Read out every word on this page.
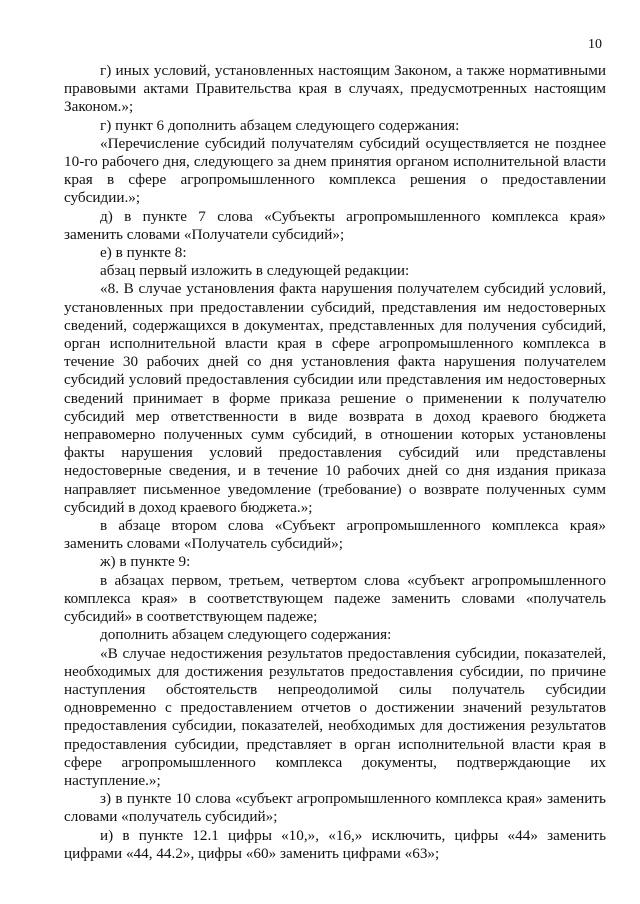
10

г) иных условий, установленных настоящим Законом, а также нормативными правовыми актами Правительства края в случаях, предусмотренных настоящим Законом.»;

г) пункт 6 дополнить абзацем следующего содержания:

«Перечисление субсидий получателям субсидий осуществляется не позднее 10-го рабочего дня, следующего за днем принятия органом исполнительной власти края в сфере агропромышленного комплекса решения о предоставлении субсидии.»;

д) в пункте 7 слова «Субъекты агропромышленного комплекса края» заменить словами «Получатели субсидий»;

е) в пункте 8:

абзац первый изложить в следующей редакции:

«8. В случае установления факта нарушения получателем субсидий условий, установленных при предоставлении субсидий, представления им недостоверных сведений, содержащихся в документах, представленных для получения субсидий, орган исполнительной власти края в сфере агропромышленного комплекса в течение 30 рабочих дней со дня установления факта нарушения получателем субсидий условий предоставления субсидии или представления им недостоверных сведений принимает в форме приказа решение о применении к получателю субсидий мер ответственности в виде возврата в доход краевого бюджета неправомерно полученных сумм субсидий, в отношении которых установлены факты нарушения условий предоставления субсидий или представлены недостоверные сведения, и в течение 10 рабочих дней со дня издания приказа направляет письменное уведомление (требование) о возврате полученных сумм субсидий в доход краевого бюджета.»;

в абзаце втором слова «Субъект агропромышленного комплекса края» заменить словами «Получатель субсидий»;

ж) в пункте 9:

в абзацах первом, третьем, четвертом слова «субъект агропромышленного комплекса края» в соответствующем падеже заменить словами «получатель субсидий» в соответствующем падеже;

дополнить абзацем следующего содержания:

«В случае недостижения результатов предоставления субсидии, показателей, необходимых для достижения результатов предоставления субсидии, по причине наступления обстоятельств непреодолимой силы получатель субсидии одновременно с предоставлением отчетов о достижении значений результатов предоставления субсидии, показателей, необходимых для достижения результатов предоставления субсидии, представляет в орган исполнительной власти края в сфере агропромышленного комплекса документы, подтверждающие их наступление.»;

з) в пункте 10 слова «субъект агропромышленного комплекса края» заменить словами «получатель субсидий»;

и) в пункте 12.1 цифры «10,», «16,» исключить, цифры «44» заменить цифрами «44, 44.2», цифры «60» заменить цифрами «63»;
